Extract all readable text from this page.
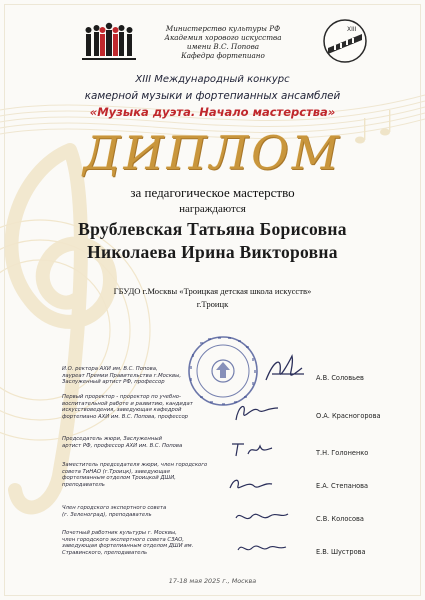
Министерство культуры РФ
Академия хорового искусства
имени В.С. Попова
Кафедра фортепиано
XIII
XIII Международный конкурс
камерной музыки и фортепианных ансамблей
«Музыка дуэта. Начало мастерства»
ДИПЛОМ
за педагогическое мастерство
награждаются
Врублевская Татьяна Борисовна
Николаева Ирина Викторовна
ГБУДО г.Москвы «Троицкая детская школа искусств»
г.Троицк
И.О. ректора АХИ им. В.С. Попова,
лауреат Премии Правительства г.Москвы,
Заслуженный артист РФ, профессор
А.В. Соловьев
Первый проректор - проректор по учебно-
воспитательной работе и развитию, кандидат
искусствоведения, заведующая кафедрой
фортепиано АХИ им. В.С. Попова, профессор	О.А. Красногорова
Председатель жюри, Заслуженный
артист РФ, профессор АХИ им. В.С. Попова
Т.Н. Голоненко
Заместитель председателя жюри, член городского
совета ТиНАО (г.Троицк), заведующая
фортепианным отделом Троицкой ДШИ,
преподаватель	Е.А. Степанова
Член городского экспертного совета
(г. Зеленоград), преподаватель
С.В. Колосова
Почетный работник культуры г. Москвы,
член городского экспертного совета СЗАО,
заведующая фортепианным отделом ДШИ им.
Стравинского, преподаватель	Е.В. Шустрова
17-18 мая 2025 г., Москва
